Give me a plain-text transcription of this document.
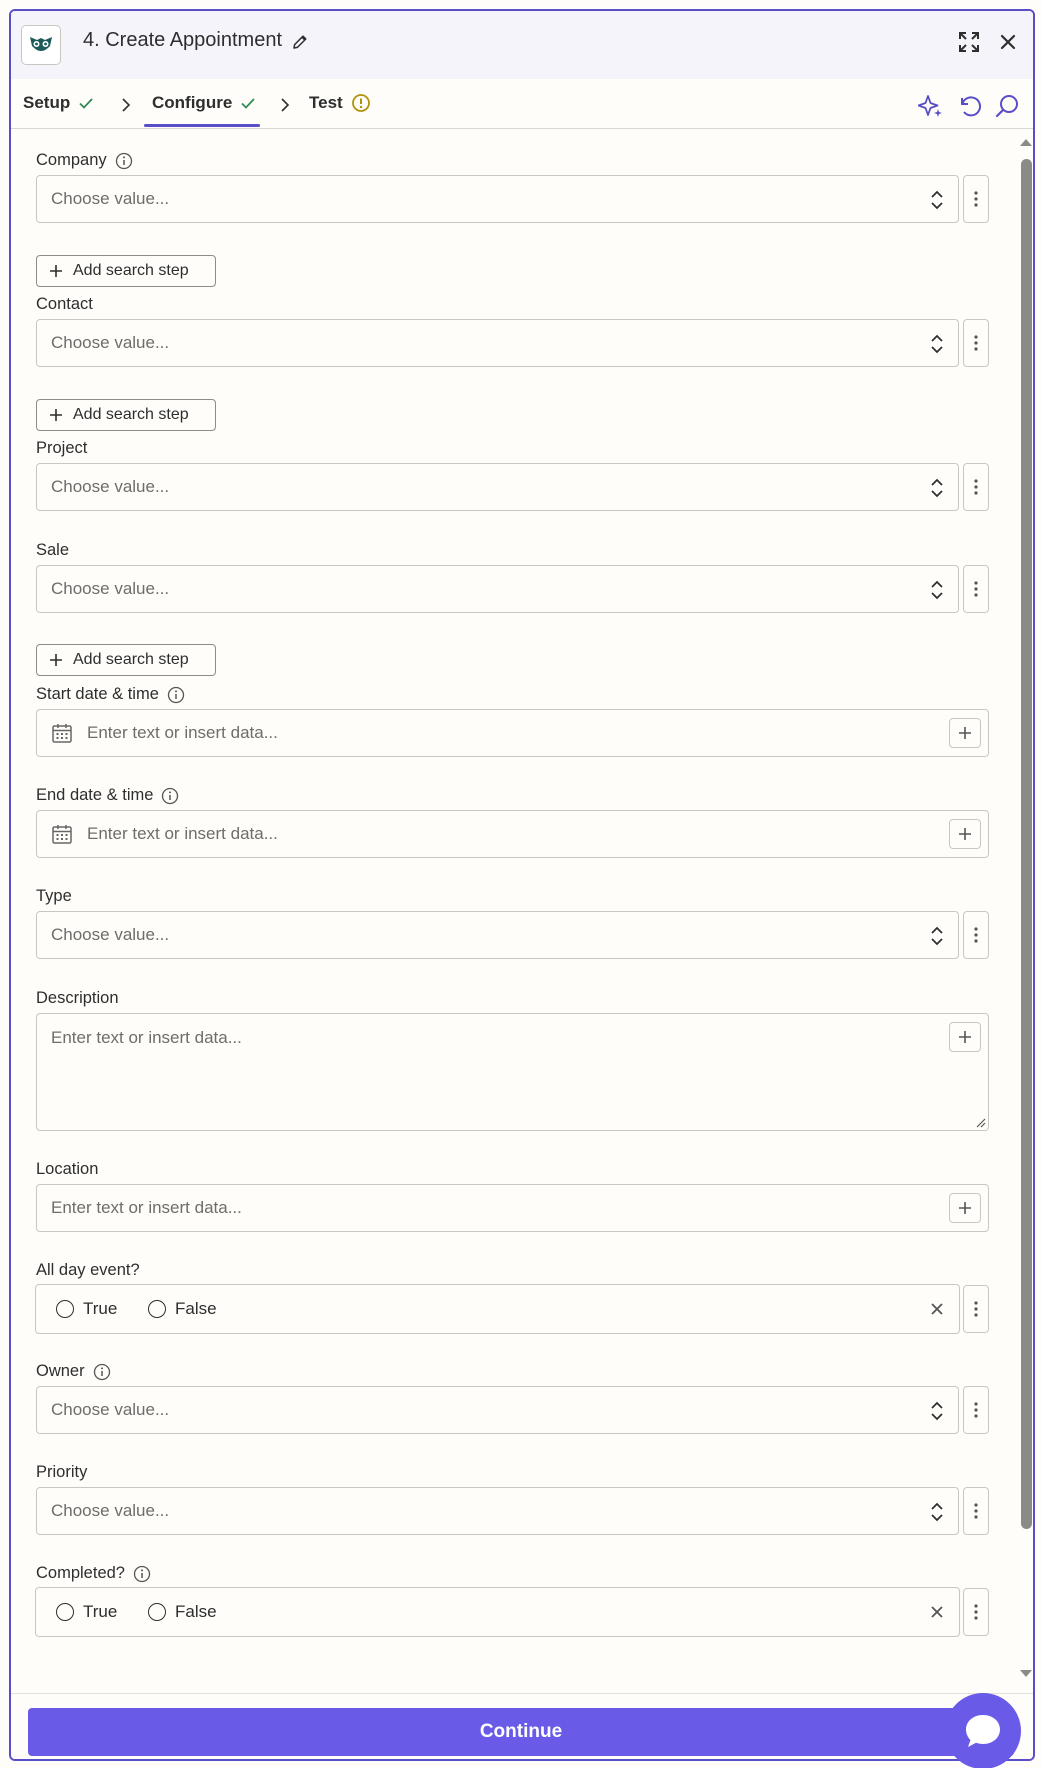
4. Create Appointment
Setup	Configure	Test
Company
Choose value...
Add search step
Contact
Choose value...
Add search step
Project
Choose value...
Sale
Choose value...
Add search step
Start date & time
Enter text or insert data...
End date & time
Enter text or insert data...
Type
Choose value...
Description
Enter text or insert data...
Location
Enter text or insert data...
All day event?
True	False
Owner
Choose value...
Priority
Choose value...
Completed?
True	False
Continue
